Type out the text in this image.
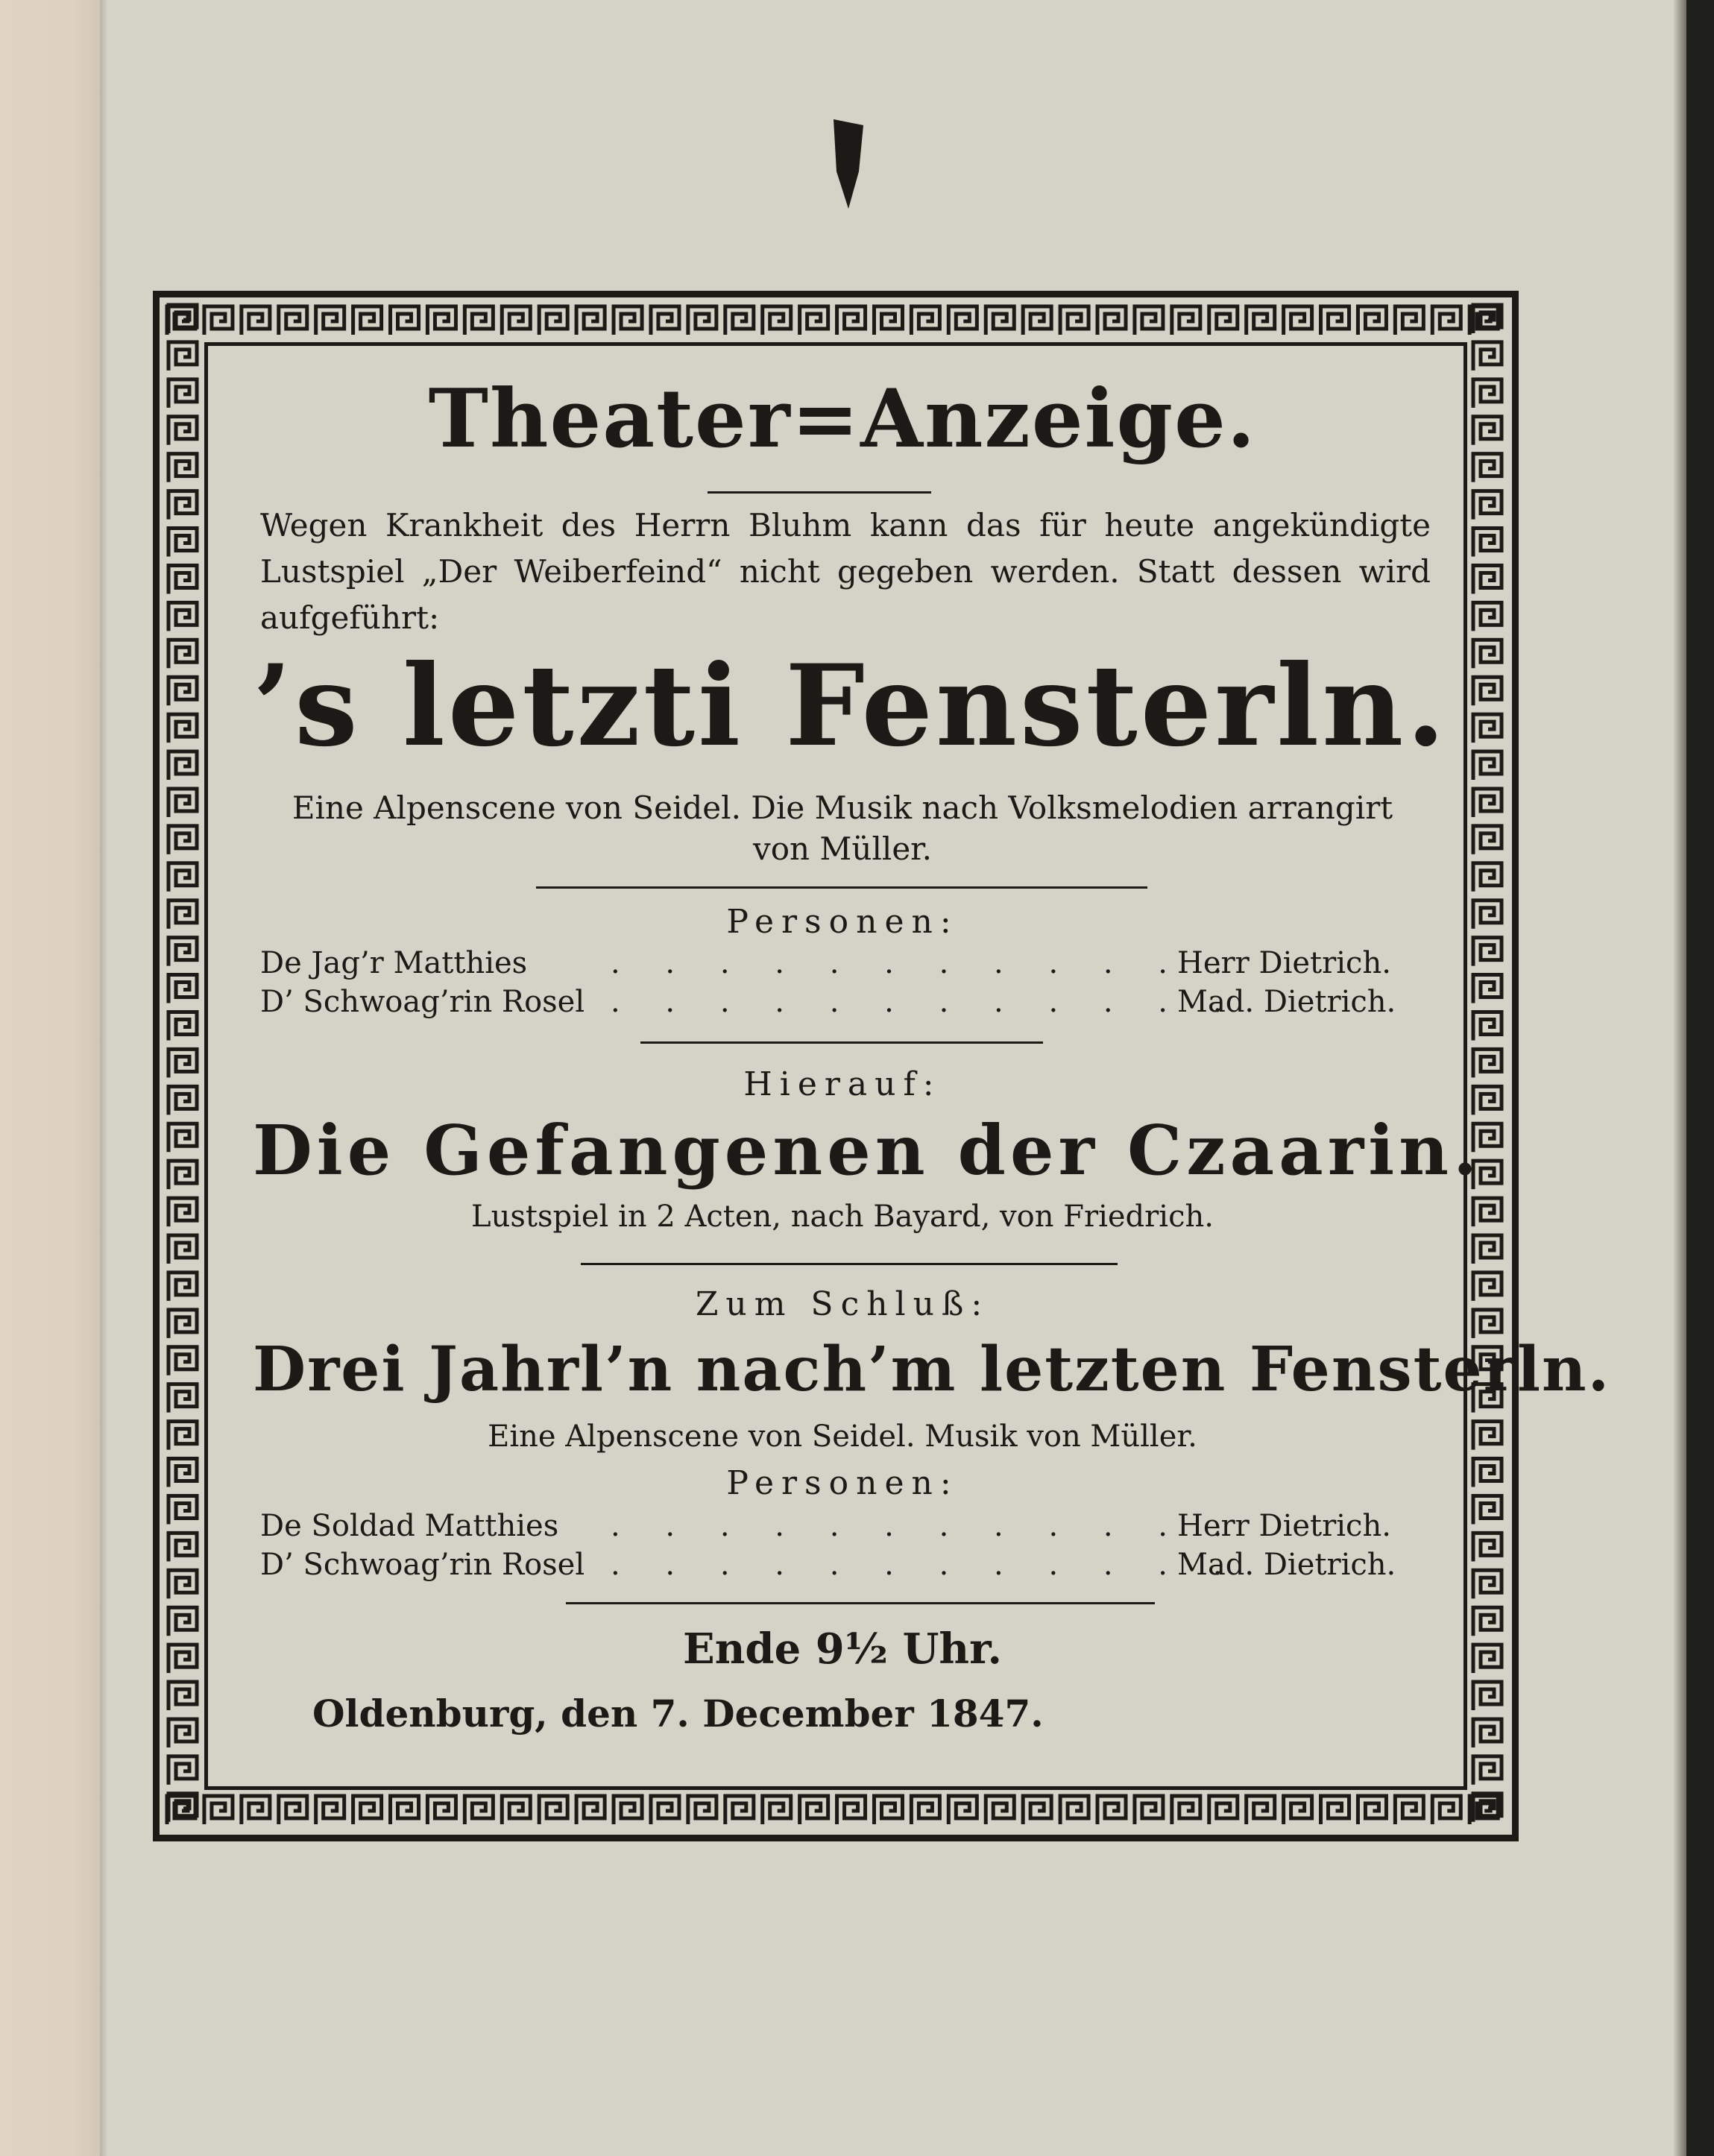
Theater=Anzeige.
Wegen Krankheit des Herrn Bluhm kann das für heute angekündigte Lustspiel „Der Weiberfeind“ nicht gegeben werden. Statt dessen wird aufgeführt:
’s letzti Fensterln.
Eine Alpenscene von Seidel. Die Musik nach Volksmelodien arrangirt
von Müller.
Personen:
De Jag’r Matthies	. . . . . . . . . . . .
Herr Dietrich.
D’ Schwoag’rin Rosel . . . . . . . . . . . .
Mad. Dietrich.
Hierauf:
Die Gefangenen der Czaarin.
Lustspiel in 2 Acten, nach Bayard, von Friedrich.
Zum Schluß:
Drei Jahrl’n nach’m letzten Fensterln.
Eine Alpenscene von Seidel. Musik von Müller.
Personen:
De Soldad Matthies . . . . . . . . . . . .
Herr Dietrich.
D’ Schwoag’rin Rosel . . . . . . . . . . . .
Mad. Dietrich.
Ende 9½ Uhr.
Oldenburg, den 7. December 1847.
